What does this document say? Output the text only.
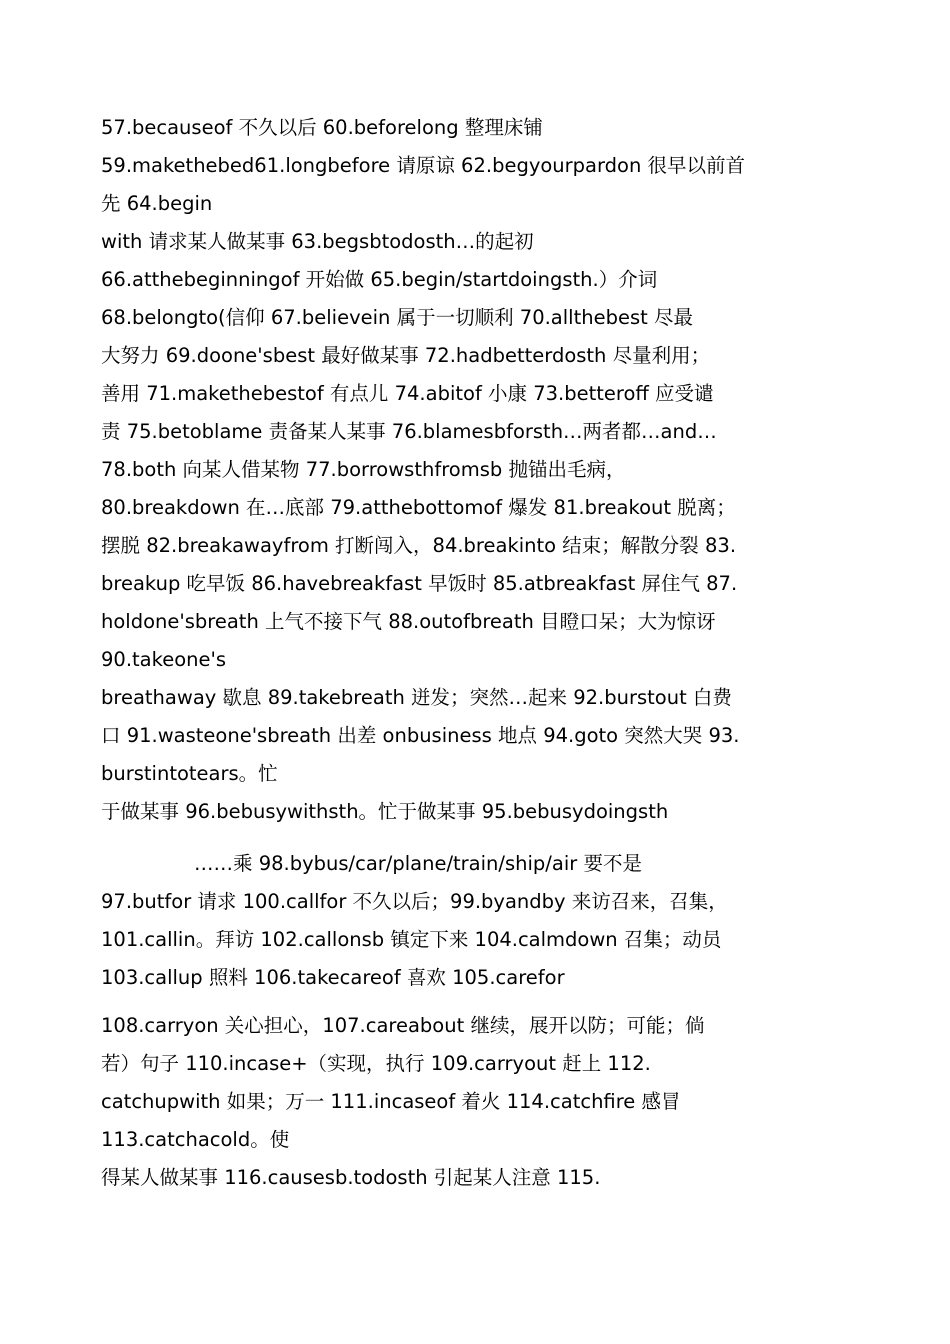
57.becauseof 不久以后 60.beforelong 整理床铺
59.makethebed61.longbefore 请原谅 62.begyourpardon 很早以前首
先 64.begin
with 请求某人做某事 63.begsbtodosth…的起初
66.atthebeginningof 开始做 65.begin/startdoingsth.）介词
68.belongto(信仰 67.believein 属于一切顺利 70.allthebest 尽最
大努力 69.doone'sbest 最好做某事 72.hadbetterdosth 尽量利用；
善用 71.makethebestof 有点儿 74.abitof 小康 73.betteroff 应受谴
责 75.betoblame 责备某人某事 76.blamesbforsth…两者都…and…
78.both 向某人借某物 77.borrowsthfromsb 抛锚出毛病，
80.breakdown 在…底部 79.atthebottomof 爆发 81.breakout 脱离；
摆脱 82.breakawayfrom 打断闯入，84.breakinto 结束；解散分裂 83.
breakup 吃早饭 86.havebreakfast 早饭时 85.atbreakfast 屏住气 87.
holdone'sbreath 上气不接下气 88.outofbreath 目瞪口呆；大为惊讶
90.takeone's
breathaway 歇息 89.takebreath 迸发；突然…起来 92.burstout 白费
口 91.wasteone'sbreath 出差 onbusiness 地点 94.goto 突然大哭 93.
burstintotears。忙
于做某事 96.bebusywithsth。忙于做某事 95.bebusydoingsth
……乘 98.bybus/car/plane/train/ship/air 要不是
97.butfor 请求 100.callfor 不久以后；99.byandby 来访召来，召集，
101.callin。拜访 102.callonsb 镇定下来 104.calmdown 召集；动员
103.callup 照料 106.takecareof 喜欢 105.carefor
108.carryon 关心担心，107.careabout 继续，展开以防；可能；倘
若）句子 110.incase+（实现，执行 109.carryout 赶上 112.
catchupwith 如果；万一 111.incaseof 着火 114.catchfire 感冒
113.catchacold。使
得某人做某事 116.causesb.todosth 引起某人注意 115.
